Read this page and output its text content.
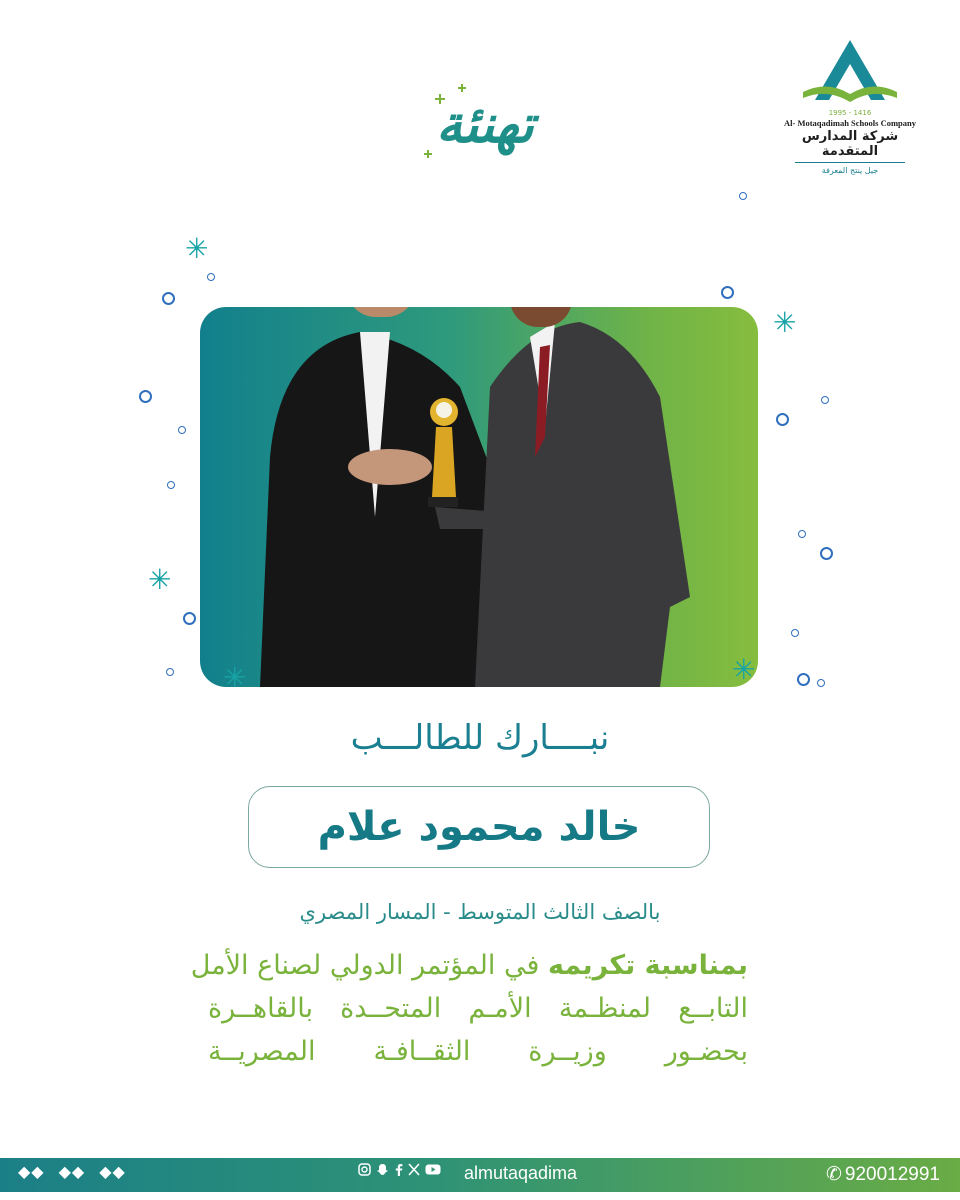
1995 - 1416
Al- Motaqadimah Schools Company
شركة المدارس المتقدمة
جيل ينتج المعرفة
تهنئة
✳
✳
✳
✳
✳
نبــــارك للطالـــب
خالد محمود علام
بالصف الثالث المتوسط - المسار المصري
بمناسبة تكريمه في المؤتمر الدولي لصناع الأمل
التابــع لمنظـمة الأمـم المتحــدة بالقاهــرة
بحضـور وزيــرة الثقــافـة المصريــة
◆◆ ◆◆ ◆◆	almutaqadima	✆ 920012991
